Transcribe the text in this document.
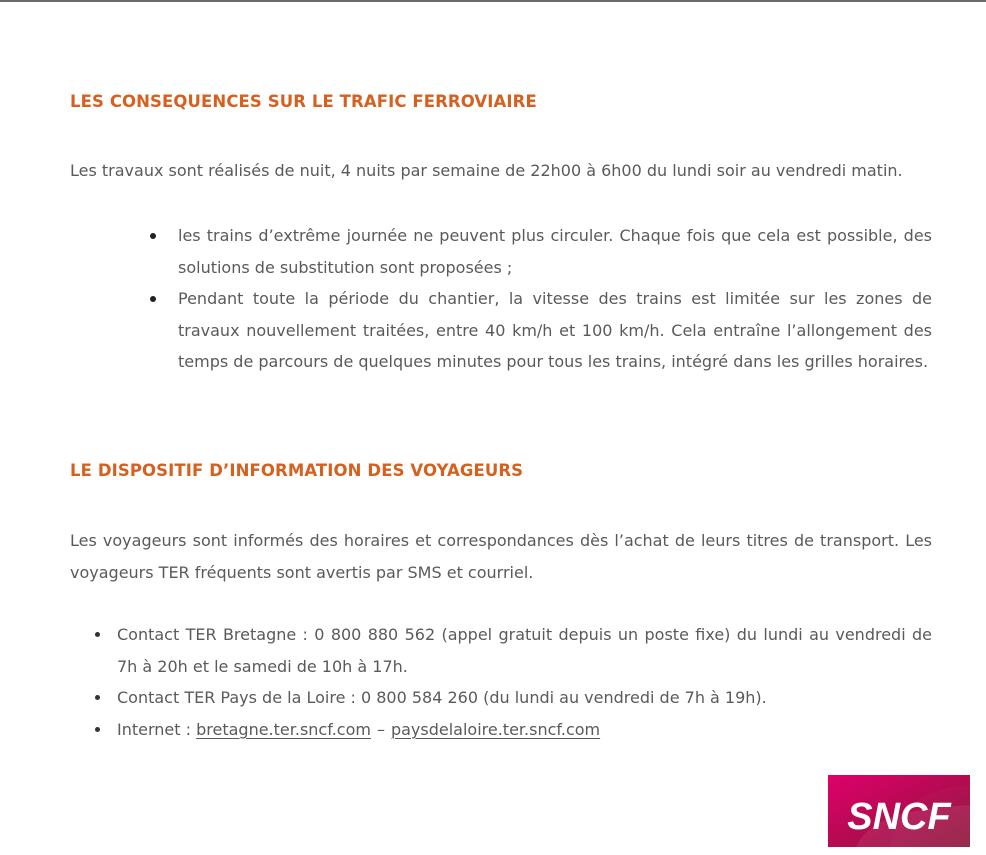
LES CONSEQUENCES SUR LE TRAFIC FERROVIAIRE

Les travaux sont réalisés de nuit, 4 nuits par semaine de 22h00 à 6h00 du lundi soir au vendredi matin.

les trains d’extrême journée ne peuvent plus circuler. Chaque fois que cela est possible, des solutions de substitution sont proposées ;
Pendant toute la période du chantier, la vitesse des trains est limitée sur les zones de travaux nouvellement traitées, entre 40 km/h et 100 km/h. Cela entraîne l’allongement des temps de parcours de quelques minutes pour tous les trains, intégré dans les grilles horaires.
LE DISPOSITIF D’INFORMATION DES VOYAGEURS

Les voyageurs sont informés des horaires et correspondances dès l’achat de leurs titres de transport. Les voyageurs TER fréquents sont avertis par SMS et courriel.

Contact TER Bretagne : 0 800 880 562 (appel gratuit depuis un poste fixe) du lundi au vendredi de 7h à 20h et le samedi de 10h à 17h.
Contact TER Pays de la Loire : 0 800 584 260 (du lundi au vendredi de 7h à 19h).
Internet : bretagne.ter.sncf.com – paysdelaloire.ter.sncf.com
SNCF
